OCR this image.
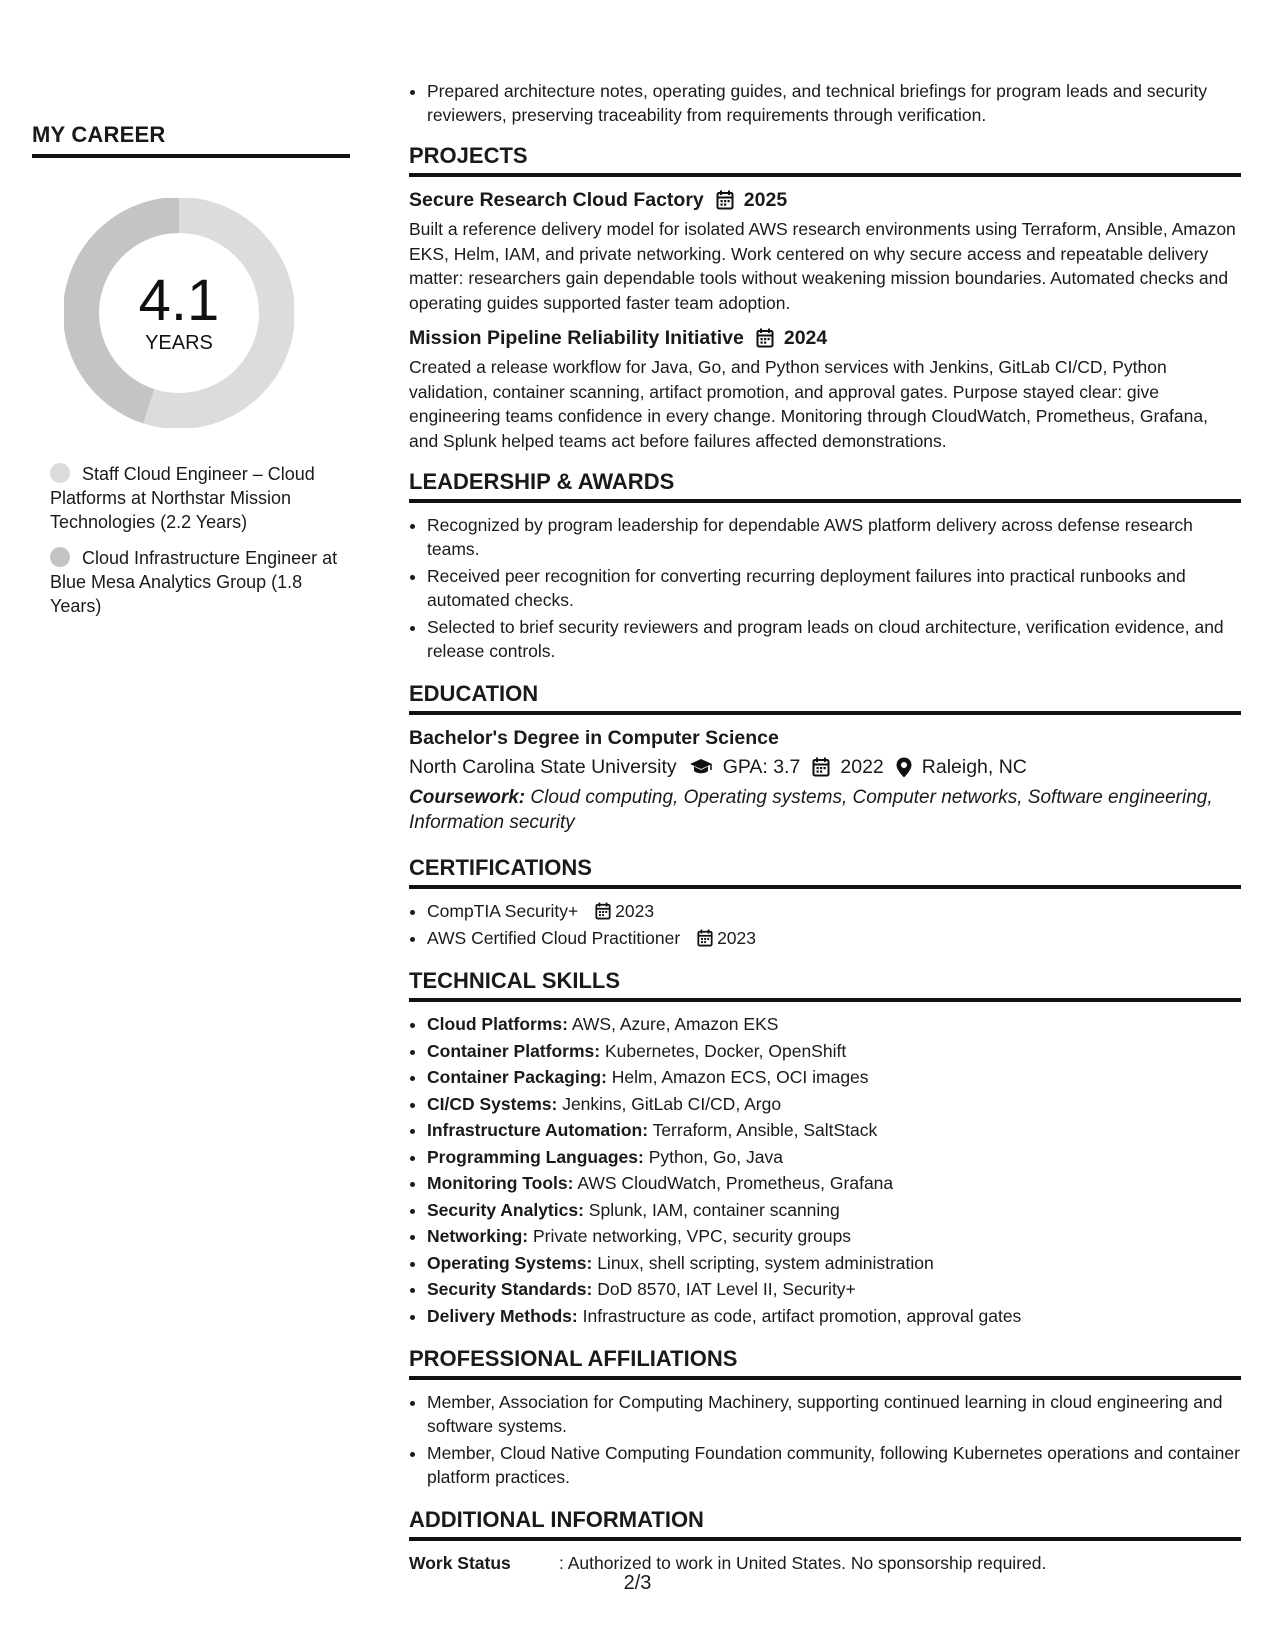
MY CAREER
4.1
YEARS
Staff Cloud Engineer – Cloud Platforms at Northstar Mission Technologies (2.2 Years)
Cloud Infrastructure Engineer at Blue Mesa Analytics Group (1.8 Years)
• Prepared architecture notes, operating guides, and technical briefings for program leads and security reviewers, preserving traceability from requirements through verification.
PROJECTS
Secure Research Cloud Factory 2025
Built a reference delivery model for isolated AWS research environments using Terraform, Ansible, Amazon EKS, Helm, IAM, and private networking. Work centered on why secure access and repeatable delivery matter: researchers gain dependable tools without weakening mission boundaries. Automated checks and operating guides supported faster team adoption.
Mission Pipeline Reliability Initiative 2024
Created a release workflow for Java, Go, and Python services with Jenkins, GitLab CI/CD, Python validation, container scanning, artifact promotion, and approval gates. Purpose stayed clear: give engineering teams confidence in every change. Monitoring through CloudWatch, Prometheus, Grafana, and Splunk helped teams act before failures affected demonstrations.
LEADERSHIP & AWARDS
• Recognized by program leadership for dependable AWS platform delivery across defense research teams.
• Received peer recognition for converting recurring deployment failures into practical runbooks and automated checks.
• Selected to brief security reviewers and program leads on cloud architecture, verification evidence, and release controls.
EDUCATION
Bachelor's Degree in Computer Science
North Carolina State University GPA: 3.7 2022 Raleigh, NC
Coursework: Cloud computing, Operating systems, Computer networks, Software engineering, Information security
CERTIFICATIONS
• CompTIA Security+ 2023
• AWS Certified Cloud Practitioner 2023
TECHNICAL SKILLS
• Cloud Platforms: AWS, Azure, Amazon EKS
• Container Platforms: Kubernetes, Docker, OpenShift
• Container Packaging: Helm, Amazon ECS, OCI images
• CI/CD Systems: Jenkins, GitLab CI/CD, Argo
• Infrastructure Automation: Terraform, Ansible, SaltStack
• Programming Languages: Python, Go, Java
• Monitoring Tools: AWS CloudWatch, Prometheus, Grafana
• Security Analytics: Splunk, IAM, container scanning
• Networking: Private networking, VPC, security groups
• Operating Systems: Linux, shell scripting, system administration
• Security Standards: DoD 8570, IAT Level II, Security+
• Delivery Methods: Infrastructure as code, artifact promotion, approval gates
PROFESSIONAL AFFILIATIONS
• Member, Association for Computing Machinery, supporting continued learning in cloud engineering and software systems.
• Member, Cloud Native Computing Foundation community, following Kubernetes operations and container platform practices.
ADDITIONAL INFORMATION
Work Status	: Authorized to work in United States. No sponsorship required.
2/3
